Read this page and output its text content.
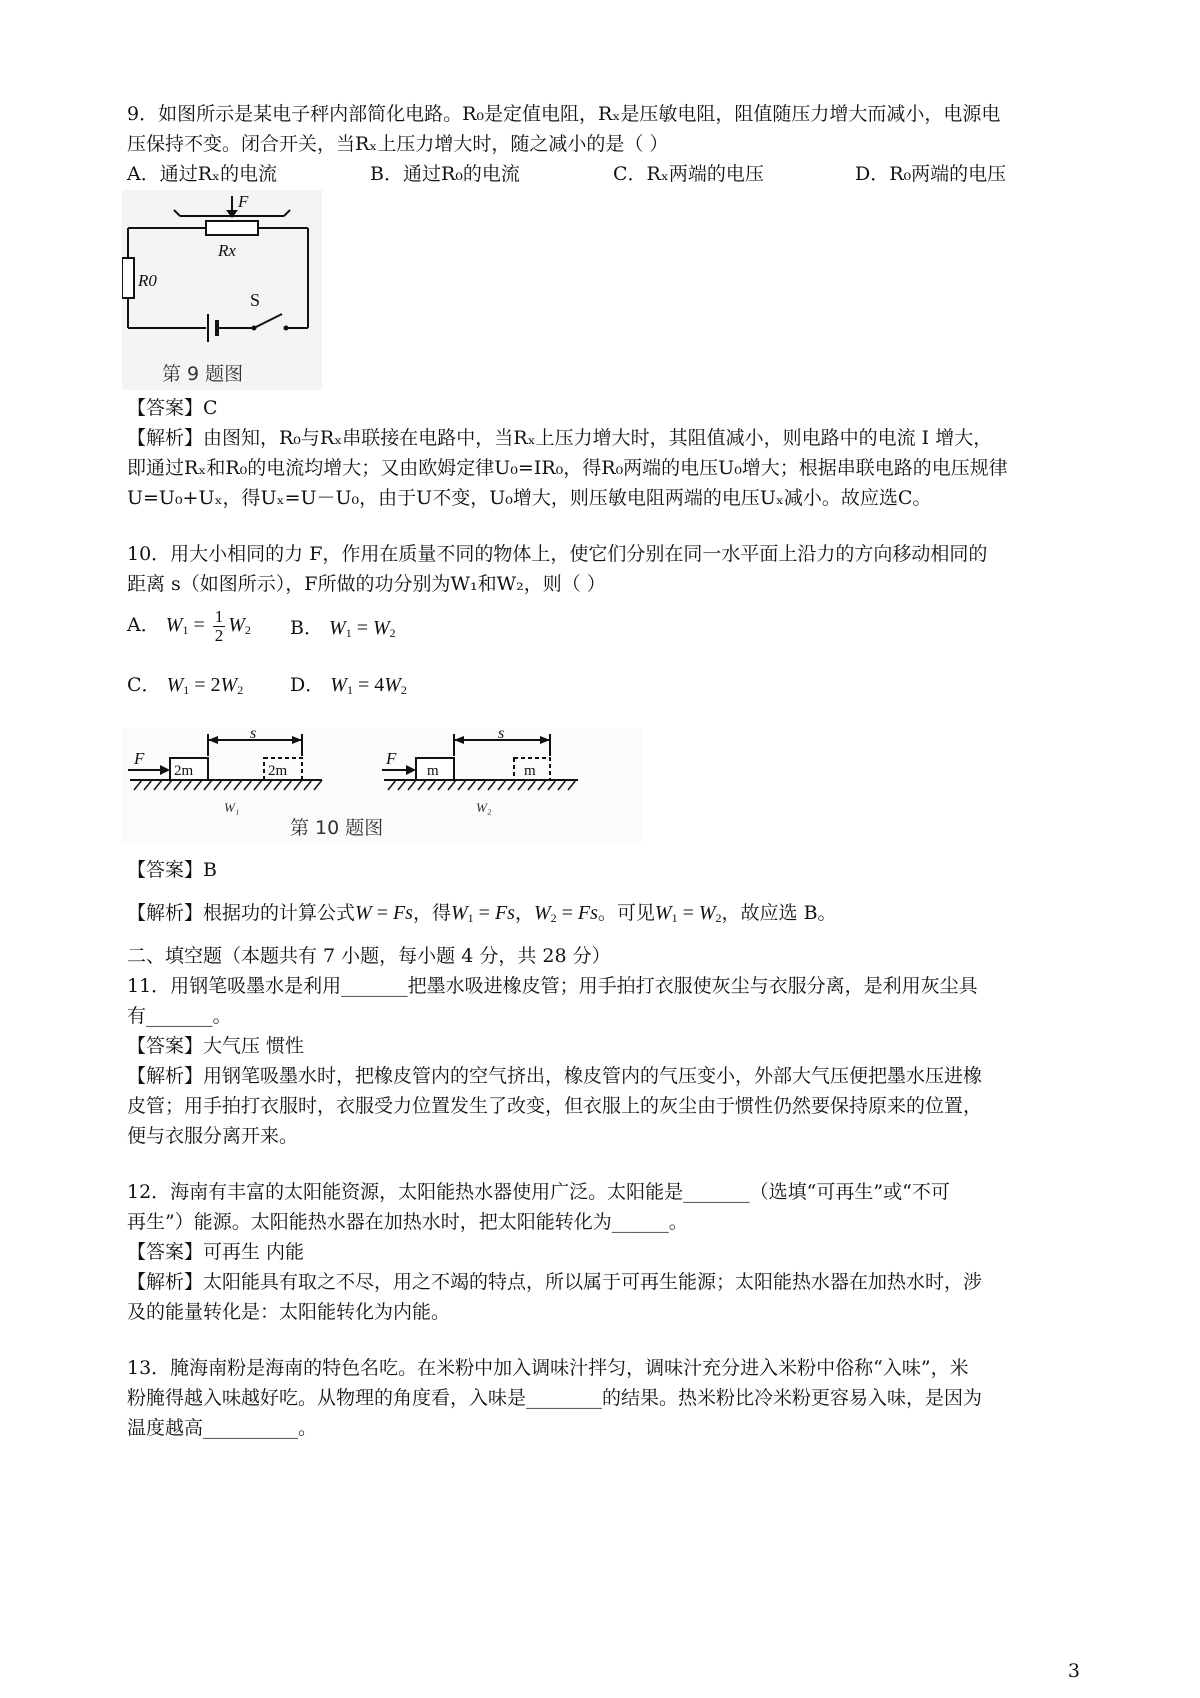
9．如图所示是某电子秤内部简化电路。R₀是定值电阻，Rₓ是压敏电阻，阻值随压力增大而减小，电源电
压保持不变。闭合开关，当Rₓ上压力增大时，随之减小的是（ ）
A．通过Rₓ的电流	B．通过R₀的电流	C．Rₓ两端的电压	D．R₀两端的电压
F
Rx
R0
S
第 9 题图
【答案】C
【解析】由图知，R₀与Rₓ串联接在电路中，当Rₓ上压力增大时，其阻值减小，则电路中的电流 I 增大，
即通过Rₓ和R₀的电流均增大；又由欧姆定律U₀=IR₀，得R₀两端的电压U₀增大；根据串联电路的电压规律
U=U₀+Uₓ，得Uₓ=U－U₀，由于U不变，U₀增大，则压敏电阻两端的电压Uₓ减小。故应选C。
10．用大小相同的力 F，作用在质量不同的物体上，使它们分别在同一水平面上沿力的方向移动相同的
距离 s（如图所示），F所做的功分别为W₁和W₂，则（ ）
A． $W_1 = \frac{1}{2} W_2$ B． $W_1 = W_2$
C． $W_1 = 2W_2$ D． $W_1 = 4W_2$
F
s
2m	2m
W₁
F
s
m	m
W₂
第 10 题图
【答案】B
【解析】根据功的计算公式W = Fs，得$W_1 = Fs$，$W_2 = Fs$。可见$W_1 = W_2$，故应选 B。
二、填空题（本题共有 7 小题，每小题 4 分，共 28 分）
11．用钢笔吸墨水是利用_______把墨水吸进橡皮管；用手拍打衣服使灰尘与衣服分离，是利用灰尘具
有_______。
【答案】大气压 惯性
【解析】用钢笔吸墨水时，把橡皮管内的空气挤出，橡皮管内的气压变小，外部大气压便把墨水压进橡
皮管；用手拍打衣服时，衣服受力位置发生了改变，但衣服上的灰尘由于惯性仍然要保持原来的位置，
便与衣服分离开来。
12．海南有丰富的太阳能资源，太阳能热水器使用广泛。太阳能是_______（选填“可再生”或“不可
再生”）能源。太阳能热水器在加热水时，把太阳能转化为______。
【答案】可再生 内能
【解析】太阳能具有取之不尽，用之不竭的特点，所以属于可再生能源；太阳能热水器在加热水时，涉
及的能量转化是：太阳能转化为内能。
13．腌海南粉是海南的特色名吃。在米粉中加入调味汁拌匀，调味汁充分进入米粉中俗称“入味”，米
粉腌得越入味越好吃。从物理的角度看，入味是________的结果。热米粉比冷米粉更容易入味，是因为
温度越高__________。
3
